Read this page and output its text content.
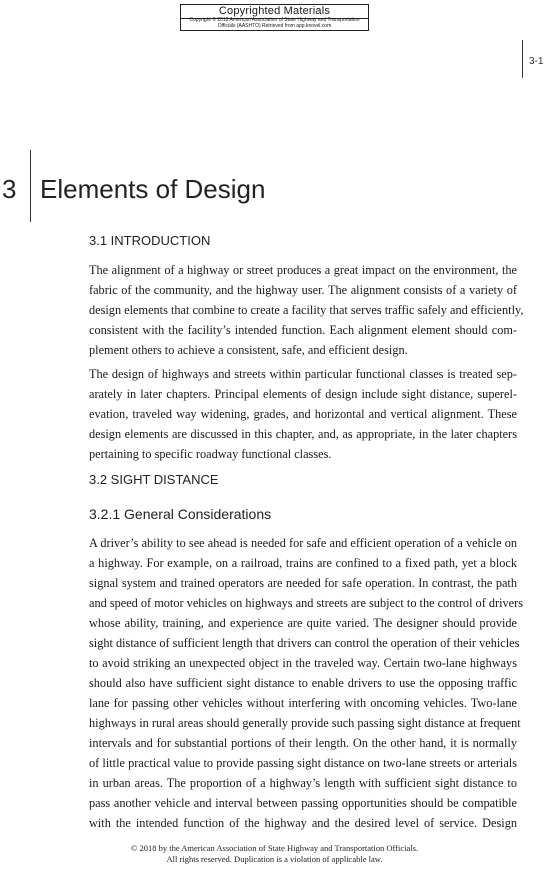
Copyrighted Materials
Copyright © 2018 American Association of State Highway and Transportation
Officials (AASHTO) Retrieved from app.knovel.com
3-1
3 Elements of Design
3.1 INTRODUCTION
The alignment of a highway or street produces a great impact on the environment, the
fabric of the community, and the highway user. The alignment consists of a variety of
design elements that combine to create a facility that serves traffic safely and efficiently,
consistent with the facility’s intended function. Each alignment element should com-
plement others to achieve a consistent, safe, and efficient design.
The design of highways and streets within particular functional classes is treated sep-
arately in later chapters. Principal elements of design include sight distance, superel-
evation, traveled way widening, grades, and horizontal and vertical alignment. These
design elements are discussed in this chapter, and, as appropriate, in the later chapters
pertaining to specific roadway functional classes.
3.2 SIGHT DISTANCE
3.2.1 General Considerations
A driver’s ability to see ahead is needed for safe and efficient operation of a vehicle on
a highway. For example, on a railroad, trains are confined to a fixed path, yet a block
signal system and trained operators are needed for safe operation. In contrast, the path
and speed of motor vehicles on highways and streets are subject to the control of drivers
whose ability, training, and experience are quite varied. The designer should provide
sight distance of sufficient length that drivers can control the operation of their vehicles
to avoid striking an unexpected object in the traveled way. Certain two-lane highways
should also have sufficient sight distance to enable drivers to use the opposing traffic
lane for passing other vehicles without interfering with oncoming vehicles. Two-lane
highways in rural areas should generally provide such passing sight distance at frequent
intervals and for substantial portions of their length. On the other hand, it is normally
of little practical value to provide passing sight distance on two-lane streets or arterials
in urban areas. The proportion of a highway’s length with sufficient sight distance to
pass another vehicle and interval between passing opportunities should be compatible
with the intended function of the highway and the desired level of service. Design
© 2018 by the American Association of State Highway and Transportation Officials.
All rights reserved. Duplication is a violation of applicable law.
